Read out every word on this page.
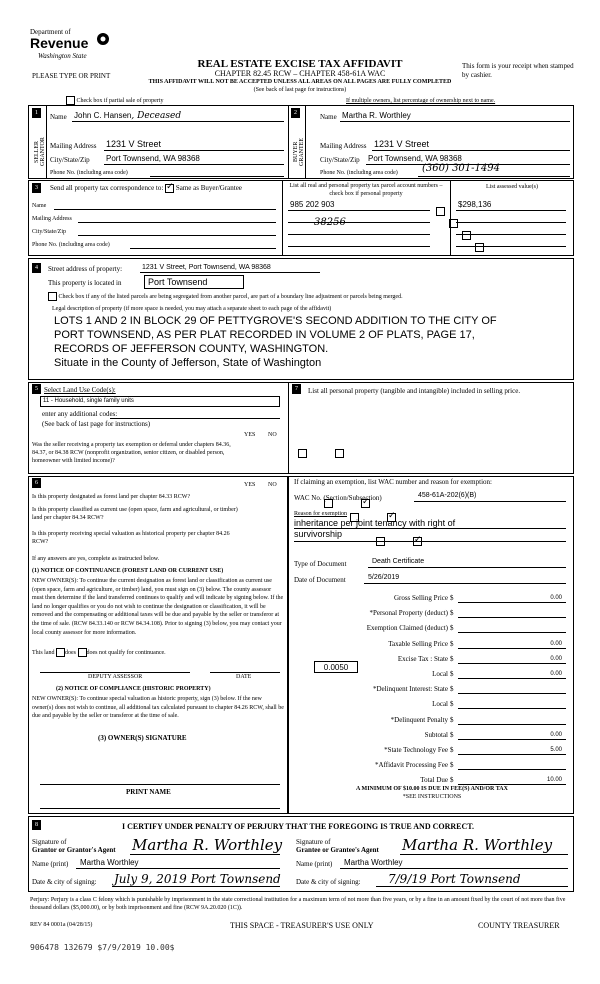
Department of
Revenue
Washington State
PLEASE TYPE OR PRINT
REAL ESTATE EXCISE TAX AFFIDAVIT
CHAPTER 82.45 RCW – CHAPTER 458-61A WAC
THIS AFFIDAVIT WILL NOT BE ACCEPTED UNLESS ALL AREAS ON ALL PAGES ARE FULLY COMPLETED
(See back of last page for instructions)
This form is your receipt when stamped by cashier.
Check box if partial sale of property	If multiple owners, list percentage of ownership next to name.
1
SELLER GRANTOR
Name John C. Hansen, Deceased
Mailing Address 1231 V Street
City/State/Zip Port Townsend, WA 98368
Phone No. (including area code)
2
BUYER GRANTEE
Name Martha R. Worthley
Mailing Address 1231 V Street
City/State/Zip Port Townsend, WA 98368
Phone No. (including area code) (360) 301-1494
3	Send all property tax correspondence to: ✓ Same as Buyer/Grantee
Name
Mailing Address
City/State/Zip
Phone No. (including area code)
List all real and personal property tax parcel account numbers – check box if personal property
List assessed value(s)
985 202 903	$298,136
38256

4	Street address of property:	1231 V Street, Port Townsend, WA 98368
This property is located in	Port Townsend
Check box if any of the listed parcels are being segregated from another parcel, are part of a boundary line adjustment or parcels being merged.
Legal description of property (if more space is needed, you may attach a separate sheet to each page of the affidavit)
LOTS 1 AND 2 IN BLOCK 29 OF PETTYGROVE'S SECOND ADDITION TO THE CITY OF
PORT TOWNSEND, AS PER PLAT RECORDED IN VOLUME 2 OF PLATS, PAGE 17,
RECORDS OF JEFFERSON COUNTY, WASHINGTON.
Situate in the County of Jefferson, State of Washington
5 Select Land Use Code(s):
11 - Household, single family units
enter any additional codes:
(See back of last page for instructions)
YES NO
Was the seller receiving a property tax exemption or deferral under chapters 84.36, 84.37, or 84.38 RCW (nonprofit organization, senior citizen, or disabled person, homeowner with limited income)?

7	List all personal property (tangible and intangible) included in selling price.
6	YES NO
Is this property designated as forest land per chapter 84.33 RCW?
✓
Is this property classified as current use (open space, farm and agricultural, or timber) land per chapter 84.34 RCW?
✓
Is this property receiving special valuation as historical property per chapter 84.26 RCW?
✓
If any answers are yes, complete as instructed below.
(1) NOTICE OF CONTINUANCE (FOREST LAND OR CURRENT USE)
NEW OWNER(S): To continue the current designation as forest land or classification as current use (open space, farm and agriculture, or timber) land, you must sign on (3) below. The county assessor must then determine if the land transferred continues to qualify and will indicate by signing below. If the land no longer qualifies or you do not wish to continue the designation or classification, it will be removed and the compensating or additional taxes will be due and payable by the seller or transferor at the time of sale. (RCW 84.33.140 or RCW 84.34.108). Prior to signing (3) below, you may contact your local county assessor for more information.
This land does does not qualify for continuance.
DEPUTY ASSESSOR	DATE
(2) NOTICE OF COMPLIANCE (HISTORIC PROPERTY)
NEW OWNER(S): To continue special valuation as historic property, sign (3) below. If the new owner(s) does not wish to continue, all additional tax calculated pursuant to chapter 84.26 RCW, shall be due and payable by the seller or transferor at the time of sale.
(3) OWNER(S) SIGNATURE
PRINT NAME
If claiming an exemption, list WAC number and reason for exemption:
WAC No. (Section/Subsection)	458-61A-202(6)(B)
Reason for exemption
inheritance per joint tenancy with right of survivorship
Type of Document	Death Certificate
Date of Document	5/26/2019
Gross Selling Price $	0.00
*Personal Property (deduct) $
Exemption Claimed (deduct) $
Taxable Selling Price $	0.00
Excise Tax : State $	0.00
Local $	0.00
*Delinquent Interest: State $
Local $
*Delinquent Penalty $
Subtotal $	0.00
*State Technology Fee $	5.00
*Affidavit Processing Fee $
Total Due $	10.00
0.0050
A MINIMUM OF $10.00 IS DUE IN FEE(S) AND/OR TAX
*SEE INSTRUCTIONS
8	I CERTIFY UNDER PENALTY OF PERJURY THAT THE FOREGOING IS TRUE AND CORRECT.
Signature of
Grantor or Grantor's Agent Martha R. Worthley Signature of
Grantee or Grantee's Agent Martha R. Worthley
Name (print) Martha Worthley	Name (print) Martha Worthley
Date & city of signing: July 9, 2019 Port Townsend Date & city of signing: 7/9/19 Port Townsend
Perjury: Perjury is a class C felony which is punishable by imprisonment in the state correctional institution for a maximum term of not more than five years, or by a fine in an amount fixed by the court of not more than five thousand dollars ($5,000.00), or by both imprisonment and fine (RCW 9A.20.020 (1C)).
REV 84 0001a (04/28/15)	THIS SPACE - TREASURER'S USE ONLY	COUNTY TREASURER
906478 132679 $7/9/2019 10.00$
